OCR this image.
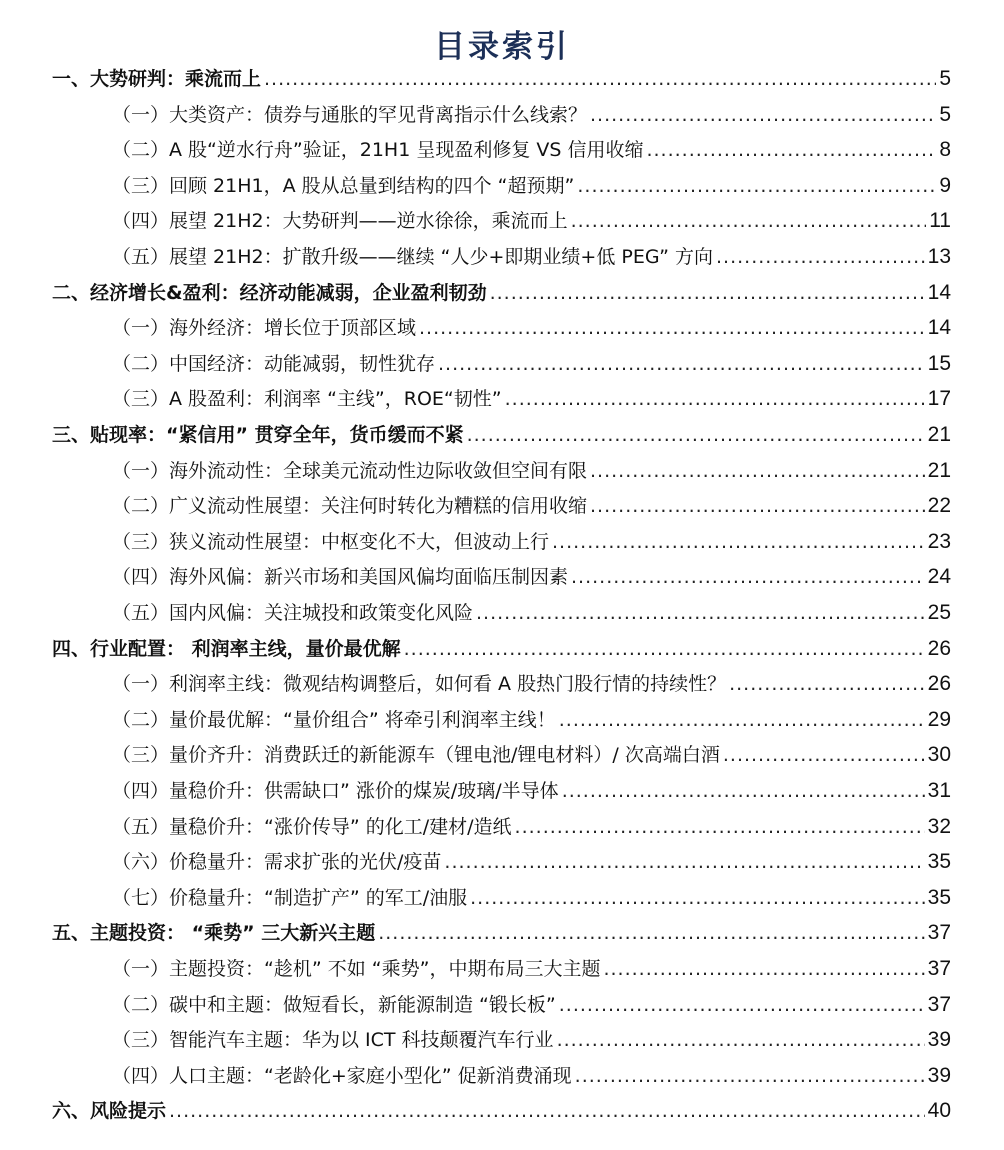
目录索引
一、大势研判：乘流而上 .....	5
（一）大类资产：债券与通胀的罕见背离指示什么线索？ .....	5
（二）A 股“逆水行舟”验证，21H1 呈现盈利修复 VS 信用收缩 .....	8
（三）回顾 21H1，A 股从总量到结构的四个 “超预期” .....	9
（四）展望 21H2：大势研判——逆水徐徐，乘流而上 .....	11
（五）展望 21H2：扩散升级——继续 “人少+即期业绩+低 PEG” 方向 .....	13
二、经济增长&盈利：经济动能减弱，企业盈利韧劲 .....	14
（一）海外经济：增长位于顶部区域 .....	14
（二）中国经济：动能减弱，韧性犹存 .....	15
（三）A 股盈利：利润率 “主线”，ROE“韧性” .....	17
三、贴现率：“紧信用” 贯穿全年，货币缓而不紧 .....	21
（一）海外流动性：全球美元流动性边际收敛但空间有限 .....	21
（二）广义流动性展望：关注何时转化为糟糕的信用收缩 .....	22
（三）狭义流动性展望：中枢变化不大，但波动上行 .....	23
（四）海外风偏：新兴市场和美国风偏均面临压制因素 .....	24
（五）国内风偏：关注城投和政策变化风险 .....	25
四、行业配置： 利润率主线，量价最优解 .....	26
（一）利润率主线：微观结构调整后，如何看 A 股热门股行情的持续性？ .....	26
（二）量价最优解：“量价组合” 将牵引利润率主线！ .....	29
（三）量价齐升：消费跃迁的新能源车（锂电池/锂电材料）/ 次高端白酒 .....	30
（四）量稳价升：供需缺口” 涨价的煤炭/玻璃/半导体 .....	31
（五）量稳价升：“涨价传导” 的化工/建材/造纸 .....	32
（六）价稳量升：需求扩张的光伏/疫苗 .....	35
（七）价稳量升：“制造扩产” 的军工/油服 .....	35
五、主题投资： “乘势” 三大新兴主题 .....	37
（一）主题投资：“趁机” 不如 “乘势”，中期布局三大主题 .....	37
（二）碳中和主题：做短看长，新能源制造 “锻长板” .....	37
（三）智能汽车主题：华为以 ICT 科技颠覆汽车行业 .....	39
（四）人口主题：“老龄化+家庭小型化” 促新消费涌现 .....	39
六、风险提示 .....	40
